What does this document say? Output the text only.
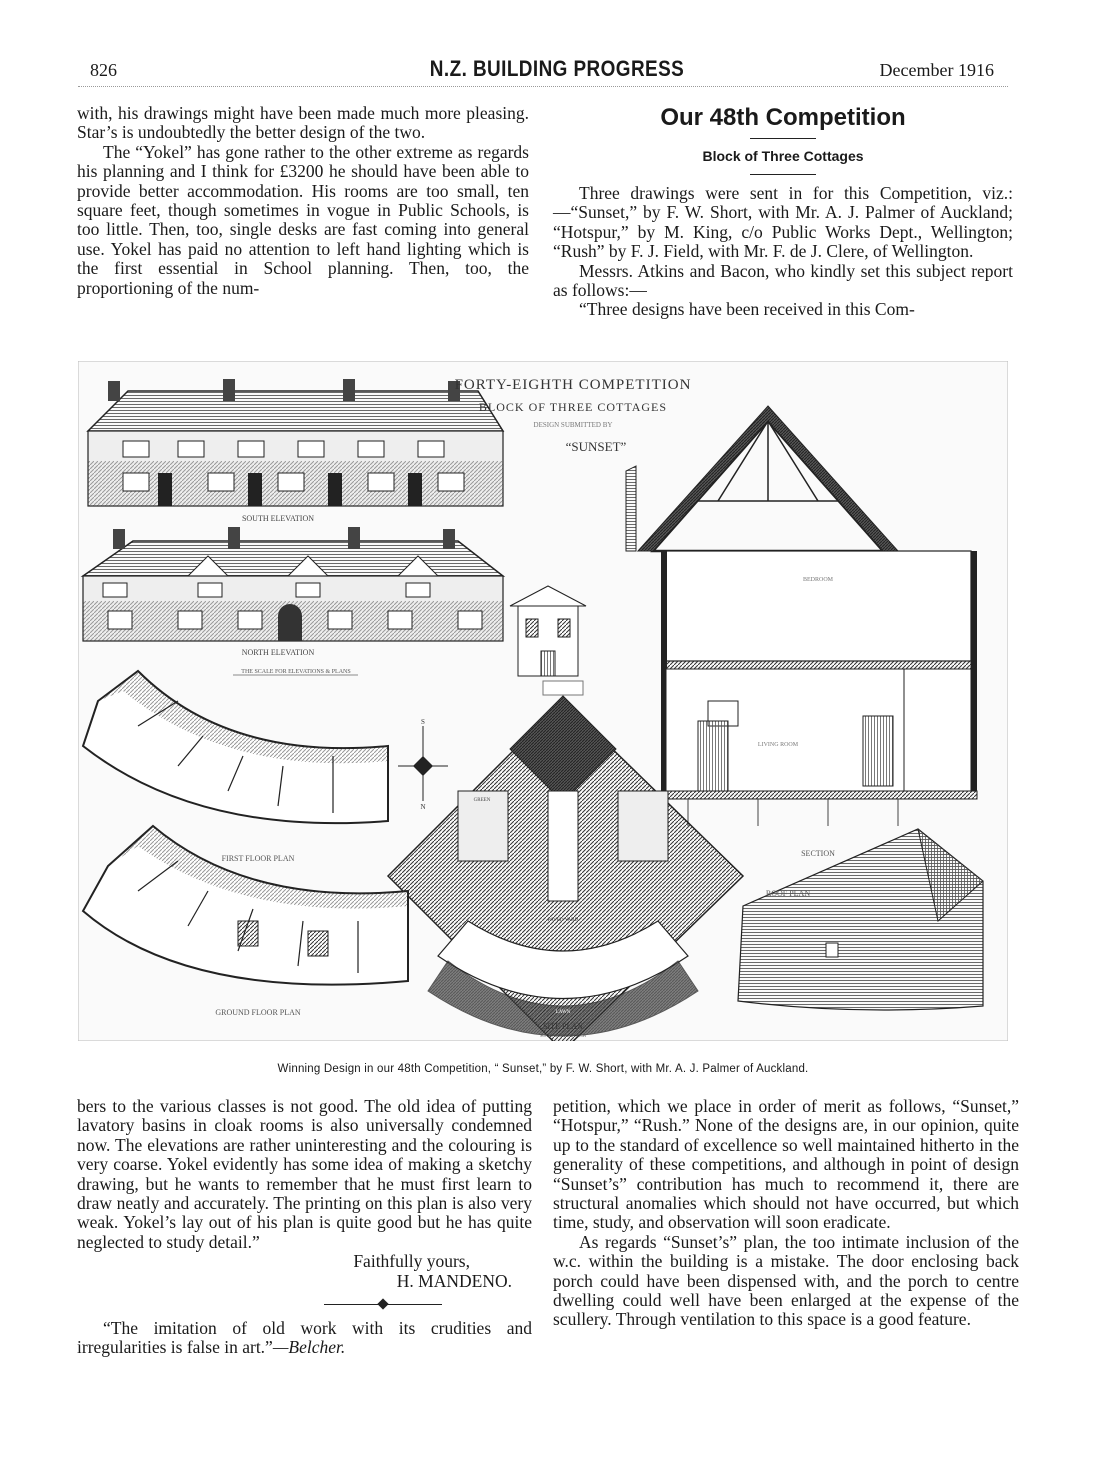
826	N.Z. BUILDING PROGRESS	December 1916

with, his drawings might have been made much more pleasing. Star’s is undoubtedly the better design of the two.

The “Yokel” has gone rather to the other extreme as regards his planning and I think for £3200 he should have been able to provide better accommodation. His rooms are too small, ten square feet, though sometimes in vogue in Public Schools, is too little. Then, too, single desks are fast coming into general use. Yokel has paid no attention to left hand lighting which is the first essential in School planning. Then, too, the proportioning of the num-

Our 48th Competition
Block of Three Cottages

Three drawings were sent in for this Competition, viz.:—“Sunset,” by F. W. Short, with Mr. A. J. Palmer of Auckland; “Hotspur,” by M. King, c/o Public Works Dept., Wellington; “Rush” by F. J. Field, with Mr. F. de J. Clere, of Wellington.

Messrs. Atkins and Bacon, who kindly set this subject report as follows:—

“Three designs have been received in this Com-

SOUTH ELEVATION
NORTH ELEVATION
THE SCALE FOR ELEVATIONS & PLANS
FORTY-EIGHTH COMPETITION
BLOCK OF THREE COTTAGES
DESIGN SUBMITTED BY
“SUNSET”
BEDROOM
LIVING ROOM
SECTION
ROOF PLAN
GREEN
PAVED YARD
LAWN
SITE PLAN
SCALE 40FT TO AN INCH
S
N
FIRST FLOOR PLAN
GROUND FLOOR PLAN
Winning Design in our 48th Competition, “ Sunset,” by F. W. Short, with Mr. A. J. Palmer of Auckland.

bers to the various classes is not good. The old idea of putting lavatory basins in cloak rooms is also universally condemned now. The elevations are rather uninteresting and the colouring is very coarse. Yokel evidently has some idea of making a sketchy drawing, but he wants to remember that he must first learn to draw neatly and accurately. The printing on this plan is also very weak. Yokel’s lay out of his plan is quite good but he has quite neglected to study detail.”

Faithfully yours,

H. MANDENO.

“The imitation of old work with its crudities and irregularities is false in art.”—Belcher.

petition, which we place in order of merit as follows, “Sunset,” “Hotspur,” “Rush.” None of the designs are, in our opinion, quite up to the standard of excellence so well maintained hitherto in the generality of these competitions, and although in point of design “Sunset’s” contribution has much to recommend it, there are structural anomalies which should not have occurred, but which time, study, and observation will soon eradicate.

As regards “Sunset’s” plan, the too intimate inclusion of the w.c. within the building is a mistake. The door enclosing back porch could have been dispensed with, and the porch to centre dwelling could well have been enlarged at the expense of the scullery. Through ventilation to this space is a good feature.
